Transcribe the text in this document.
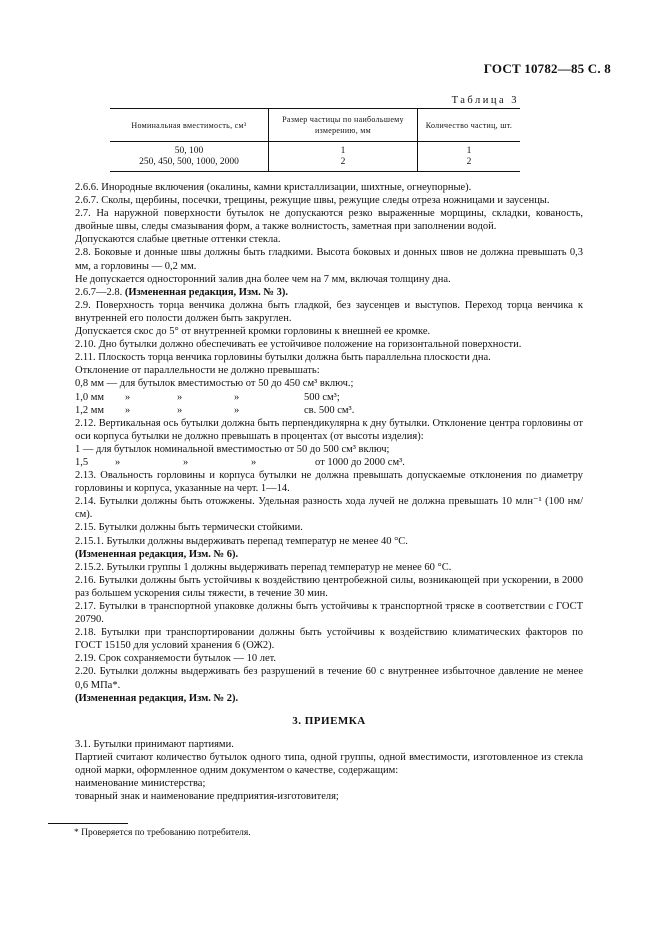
ГОСТ 10782—85 С. 8
Таблица 3
Номинальная вместимость, см³	Размер частицы по наибольшему измерению, мм	Количество частиц, шт.
50, 100	1	1
250, 450, 500, 1000, 2000	2	2

2.6.6. Инородные включения (окалины, камни кристаллизации, шихтные, огнеупорные).

2.6.7. Сколы, щербины, посечки, трещины, режущие швы, режущие следы отреза ножницами и заусенцы.

2.7. На наружной поверхности бутылок не допускаются резко выраженные морщины, складки, кованость, двойные швы, следы смазывания форм, а также волнистость, заметная при заполнении водой.

Допускаются слабые цветные оттенки стекла.

2.8. Боковые и донные швы должны быть гладкими. Высота боковых и донных швов не должна превышать 0,3 мм, а горловины — 0,2 мм.

Не допускается односторонний залив дна более чем на 7 мм, включая толщину дна.

2.6.7—2.8. (Измененная редакция, Изм. № 3).

2.9. Поверхность торца венчика должна быть гладкой, без заусенцев и выступов. Переход торца венчика к внутренней его полости должен быть закруглен.

Допускается скос до 5° от внутренней кромки горловины к внешней ее кромке.

2.10. Дно бутылки должно обеспечивать ее устойчивое положение на горизонтальной поверхности.

2.11. Плоскость торца венчика горловины бутылки должна быть параллельна плоскости дна.

Отклонение от параллельности не должно превышать:

0,8 мм — для бутылок вместимостью от 50 до 450 см³ включ.;

1,0 мм	»	»	»	500 см³;
1,2 мм	»	»	»	св. 500 см³.

2.12. Вертикальная ось бутылки должна быть перпендикулярна к дну бутылки. Отклонение центра горловины от оси корпуса бутылки не должно превышать в процентах (от высоты изделия):

1 — для бутылок номинальной вместимостью от 50 до 500 см³ включ;

1,5	»	»	»	от 1000 до 2000 см³.

2.13. Овальность горловины и корпуса бутылки не должна превышать допускаемые отклонения по диаметру горловины и корпуса, указанные на черт. 1—14.

2.14. Бутылки должны быть отожжены. Удельная разность хода лучей не должна превышать 10 млн⁻¹ (100 нм/см).

2.15. Бутылки должны быть термически стойкими.

2.15.1. Бутылки должны выдерживать перепад температур не менее 40 °С.

(Измененная редакция, Изм. № 6).

2.15.2. Бутылки группы 1 должны выдерживать перепад температур не менее 60 °С.

2.16. Бутылки должны быть устойчивы к воздействию центробежной силы, возникающей при ускорении, в 2000 раз большем ускорения силы тяжести, в течение 30 мин.

2.17. Бутылки в транспортной упаковке должны быть устойчивы к транспортной тряске в соответствии с ГОСТ 20790.

2.18. Бутылки при транспортировании должны быть устойчивы к воздействию климатических факторов по ГОСТ 15150 для условий хранения 6 (ОЖ2).

2.19. Срок сохраняемости бутылок — 10 лет.

2.20. Бутылки должны выдерживать без разрушений в течение 60 с внутреннее избыточное давление не менее 0,6 МПа*.

(Измененная редакция, Изм. № 2).

3. ПРИЕМКА

3.1. Бутылки принимают партиями.

Партией считают количество бутылок одного типа, одной группы, одной вместимости, изготовленное из стекла одной марки, оформленное одним документом о качестве, содержащим:

наименование министерства;

товарный знак и наименование предприятия-изготовителя;

* Проверяется по требованию потребителя.
